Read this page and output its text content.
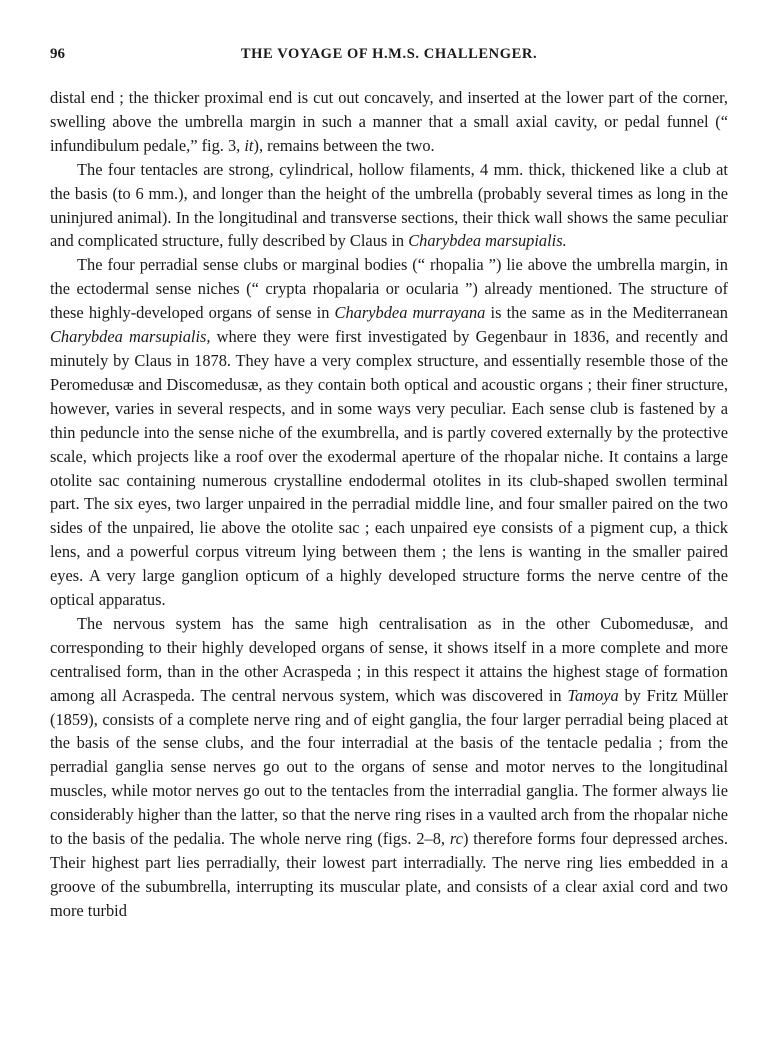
96	THE VOYAGE OF H.M.S. CHALLENGER.

distal end ; the thicker proximal end is cut out concavely, and inserted at the lower part of the corner, swelling above the umbrella margin in such a manner that a small axial cavity, or pedal funnel (“ infundibulum pedale,” fig. 3, it), remains between the two.

The four tentacles are strong, cylindrical, hollow filaments, 4 mm. thick, thickened like a club at the basis (to 6 mm.), and longer than the height of the umbrella (probably several times as long in the uninjured animal). In the longitudinal and transverse sections, their thick wall shows the same peculiar and complicated structure, fully described by Claus in Charybdea marsupialis.

The four perradial sense clubs or marginal bodies (“ rhopalia ”) lie above the umbrella margin, in the ectodermal sense niches (“ crypta rhopalaria or ocularia ”) already mentioned. The structure of these highly-developed organs of sense in Charybdea murrayana is the same as in the Mediterranean Charybdea marsupialis, where they were first investigated by Gegenbaur in 1836, and recently and minutely by Claus in 1878. They have a very complex structure, and essentially resemble those of the Peromedusæ and Discomedusæ, as they contain both optical and acoustic organs ; their finer structure, however, varies in several respects, and in some ways very peculiar. Each sense club is fastened by a thin peduncle into the sense niche of the exumbrella, and is partly covered externally by the protective scale, which projects like a roof over the exodermal aperture of the rhopalar niche. It contains a large otolite sac containing numerous crystalline endodermal otolites in its club-shaped swollen terminal part. The six eyes, two larger unpaired in the perradial middle line, and four smaller paired on the two sides of the unpaired, lie above the otolite sac ; each unpaired eye consists of a pigment cup, a thick lens, and a powerful corpus vitreum lying between them ; the lens is wanting in the smaller paired eyes. A very large ganglion opticum of a highly developed structure forms the nerve centre of the optical apparatus.

The nervous system has the same high centralisation as in the other Cubomedusæ, and corresponding to their highly developed organs of sense, it shows itself in a more complete and more centralised form, than in the other Acraspeda ; in this respect it attains the highest stage of formation among all Acraspeda. The central nervous system, which was discovered in Tamoya by Fritz Müller (1859), consists of a complete nerve ring and of eight ganglia, the four larger perradial being placed at the basis of the sense clubs, and the four interradial at the basis of the tentacle pedalia ; from the perradial ganglia sense nerves go out to the organs of sense and motor nerves to the longitudinal muscles, while motor nerves go out to the tentacles from the interradial ganglia. The former always lie considerably higher than the latter, so that the nerve ring rises in a vaulted arch from the rhopalar niche to the basis of the pedalia. The whole nerve ring (figs. 2–8, rc) therefore forms four depressed arches. Their highest part lies perradially, their lowest part interradially. The nerve ring lies embedded in a groove of the subumbrella, interrupting its muscular plate, and consists of a clear axial cord and two more turbid
